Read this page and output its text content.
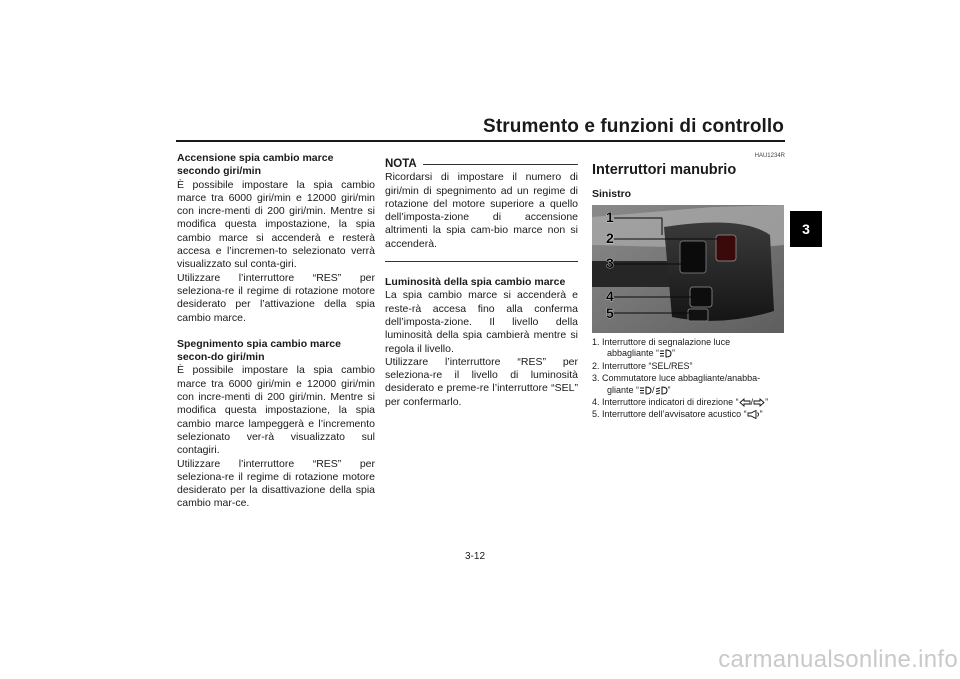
Strumento e funzioni di controllo
3

Accensione spia cambio marce secondo giri/min

È possibile impostare la spia cambio marce tra 6000 giri/min e 12000 giri/min con incre-menti di 200 giri/min. Mentre si modifica questa impostazione, la spia cambio marce si accenderà e resterà accesa e l’incremen-to selezionato verrà visualizzato sul conta-giri.

Utilizzare l’interruttore “RES” per seleziona-re il regime di rotazione motore desiderato per l’attivazione della spia cambio marce.

Spegnimento spia cambio marce secon-do giri/min

È possibile impostare la spia cambio marce tra 6000 giri/min e 12000 giri/min con incre-menti di 200 giri/min. Mentre si modifica questa impostazione, la spia cambio marce lampeggerà e l’incremento selezionato ver-rà visualizzato sul contagiri.

Utilizzare l’interruttore “RES” per seleziona-re il regime di rotazione motore desiderato per la disattivazione della spia cambio mar-ce.

NOTA

Ricordarsi di impostare il numero di giri/min di spegnimento ad un regime di rotazione del motore superiore a quello dell’imposta-zione di accensione altrimenti la spia cam-bio marce non si accenderà.

Luminosità della spia cambio marce

La spia cambio marce si accenderà e reste-rà accesa fino alla conferma dell’imposta-zione. Il livello della luminosità della spia cambierà mentre si regola il livello.

Utilizzare l’interruttore “RES” per seleziona-re il livello di luminosità desiderato e preme-re l’interruttore “SEL” per confermarlo.

HAU1234R
Interruttori manubrio
Sinistro
1
2
3
4
5
1. Interruttore di segnalazione luce
abbagliante “ ”
2. Interruttore “SEL/RES”
3. Commutatore luce abbagliante/anabba-
gliante “ / ”
4. Interruttore indicatori di direzione “ / ”
5. Interruttore dell’avvisatore acustico “ ”
3-12
carmanualsonline.info
